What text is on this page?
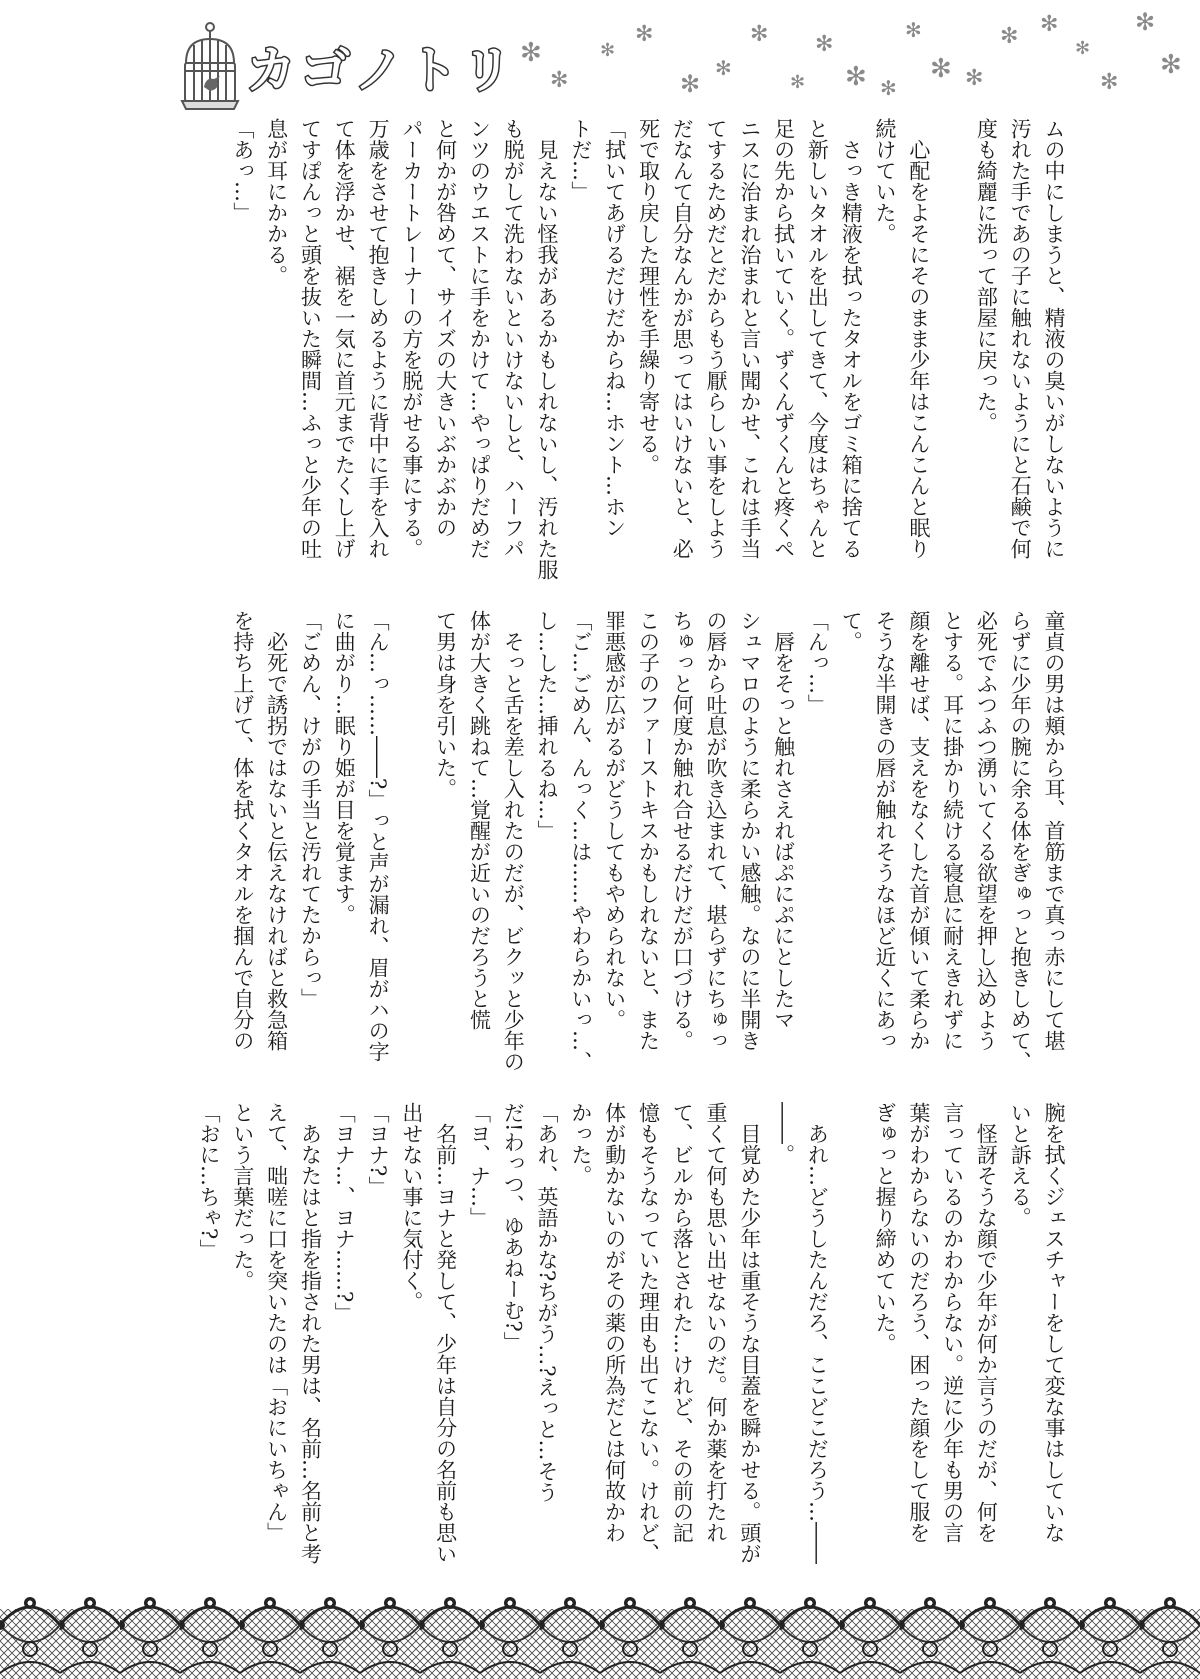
カゴノトリ ✻
✻
✻
✻
✻
✻
✻
✻
✻
✻ ✻
✻
✻ ✻
✻ ✻
✻
✻
✻
✻
ムの中にしまうと、精液の臭いがしないように
汚れた手であの子に触れないようにと石鹸で何
度も綺麗に洗って部屋に戻った。
　心配をよそにそのまま少年はこんこんと眠り
続けていた。
　さっき精液を拭ったタオルをゴミ箱に捨てる
と新しいタオルを出してきて、今度はちゃんと
足の先から拭いていく。ずくんずくんと疼くペ
ニスに治まれ治まれと言い聞かせ、これは手当
てするためだとだからもう厭らしい事をしよう
だなんて自分なんかが思ってはいけないと、必
死で取り戻した理性を手繰り寄せる。
「拭いてあげるだけだからね…ホント…ホン
トだ…」
　見えない怪我があるかもしれないし、汚れた服
も脱がして洗わないといけないしと、ハーフパ
ンツのウエストに手をかけて…やっぱりだめだ
と何かが咎めて、サイズの大きいぶかぶかの
パーカートレーナーの方を脱がせる事にする。
万歳をさせて抱きしめるように背中に手を入れ
て体を浮かせ、裾を一気に首元までたくし上げ
てすぽんっと頭を抜いた瞬間…ふっと少年の吐
息が耳にかかる。
「あっ…」
童貞の男は頬から耳、首筋まで真っ赤にして堪
らずに少年の腕に余る体をぎゅっと抱きしめて、
必死でふつふつ湧いてくる欲望を押し込めよう
とする。耳に掛かり続ける寝息に耐えきれずに
顔を離せば、支えをなくした首が傾いて柔らか
そうな半開きの唇が触れそうなほど近くにあっ
て。
「んっ…」
　唇をそっと触れさえればぷにぷにとしたマ
シュマロのように柔らかい感触。なのに半開き
の唇から吐息が吹き込まれて、堪らずにちゅっ
ちゅっと何度か触れ合せるだけだが口づける。
この子のファーストキスかもしれないと、また
罪悪感が広がるがどうしてもやめられない。
「ご…ごめん、んっく…は……やわらかいっ…、
し…した…挿れるね…」
　そっと舌を差し入れたのだが、ビクッと少年の
体が大きく跳ねて…覚醒が近いのだろうと慌
て男は身を引いた。
「ん…っ……――?」っと声が漏れ、眉がハの字
に曲がり…眠り姫が目を覚ます。
「ごめん、けがの手当と汚れてたからっ」
　必死で誘拐ではないと伝えなければと救急箱
を持ち上げて、体を拭くタオルを掴んで自分の
腕を拭くジェスチャーをして変な事はしていな
いと訴える。
　怪訝そうな顔で少年が何か言うのだが、何を
言っているのかわからない。逆に少年も男の言
葉がわからないのだろう、困った顔をして服を
ぎゅっと握り締めていた。
　あれ…どうしたんだろ、ここどこだろう…――
――。
　目覚めた少年は重そうな目蓋を瞬かせる。頭が
重くて何も思い出せないのだ。何か薬を打たれ
て、ビルから落とされた…けれど、その前の記
憶もそうなっていた理由も出てこない。けれど、
体が動かないのがその薬の所為だとは何故かわ
かった。
「あれ、英語かな?ちがう…?えっと…そう
だ!わっつ、ゆあねーむ?」
「ヨ、ナ…」
　名前…ヨナと発して、少年は自分の名前も思い
出せない事に気付く。
「ヨナ?」
「ヨナ…、ヨナ……?」
　あなたはと指を指された男は、名前…名前と考
えて、咄嗟に口を突いたのは「おにいちゃん」
という言葉だった。
「おに…ちゃ?」
